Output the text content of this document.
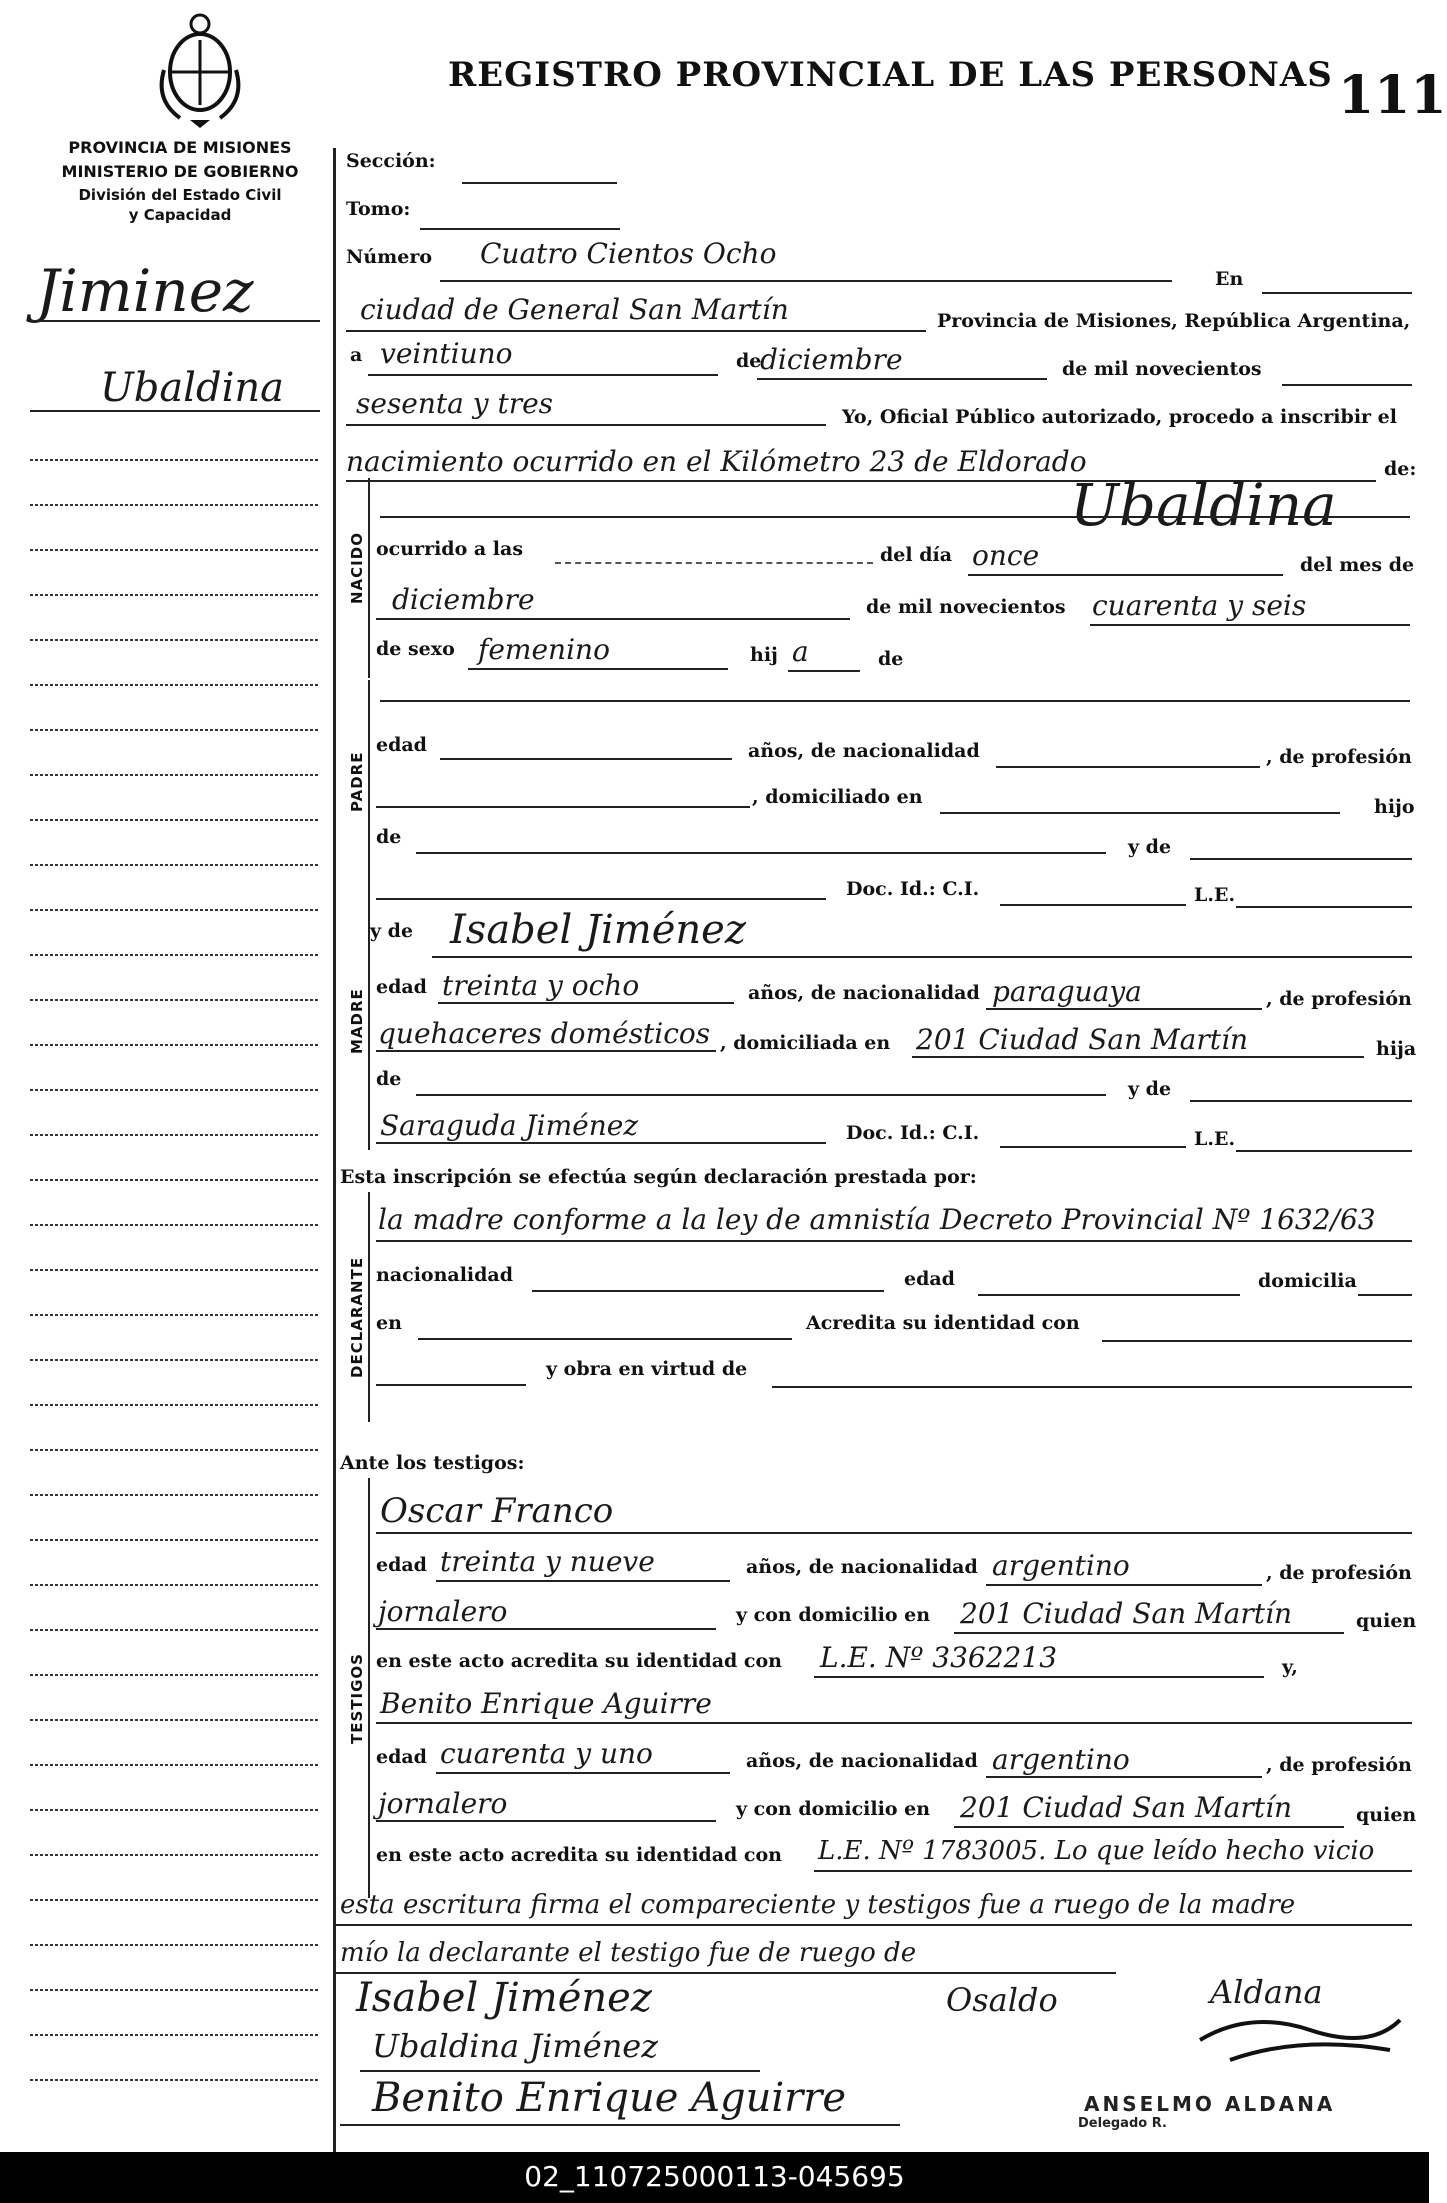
REGISTRO PROVINCIAL DE LAS PERSONAS 111
PROVINCIA DE MISIONES
MINISTERIO DE GOBIERNO
División del Estado Civil
y Capacidad
Jiminez
Ubaldina
Sección:
Tomo:
Número Cuatro Cientos Ocho
En
ciudad de General San Martín	Provincia de Misiones, República Argentina,
a veintiuno	de
diciembre	de mil novecientos
sesenta y tres	Yo, Oficial Público autorizado, procedo a inscribir el
nacimiento ocurrido en el Kilómetro 23 de Eldorado	de:
NACIDO
Ubaldina
ocurrido a las	del día once	del mes de
diciembre	de mil novecientos cuarenta y seis
de sexo femenino	hij a	de
PADRE
edad	años, de nacionalidad	, de profesión
, domiciliado en	hijo
de	y de
Doc. Id.: C.I.	L.E.
MADRE
y de Isabel Jiménez
edad treinta y ocho	años, de nacionalidad paraguaya	, de profesión
quehaceres domésticos , domiciliada en 201 Ciudad San Martín	hija
de	y de
Saraguda Jiménez	Doc. Id.: C.I.	L.E.
Esta inscripción se efectúa según declaración prestada por:
DECLARANTE
la madre conforme a la ley de amnistía Decreto Provincial Nº 1632/63
nacionalidad	edad	domicilia
en	Acredita su identidad con
y obra en virtud de
Ante los testigos:
TESTIGOS
Oscar Franco
edad treinta y nueve	años, de nacionalidad argentino	, de profesión
jornalero	y con domicilio en 201 Ciudad San Martín	quien
en este acto acredita su identidad con L.E. Nº 3362213	y,
Benito Enrique Aguirre
edad cuarenta y uno	años, de nacionalidad argentino	, de profesión
jornalero	y con domicilio en 201 Ciudad San Martín	quien
en este acto acredita su identidad con L.E. Nº 1783005. Lo que leído hecho vicio
esta escritura firma el compareciente y testigos fue a ruego de la madre
mío la declarante el testigo fue de ruego de
Isabel Jiménez	Osaldo	Aldana
Ubaldina Jiménez
Benito Enrique Aguirre	ANSELMO ALDANA
Delegado R.
02_110725000113-045695
